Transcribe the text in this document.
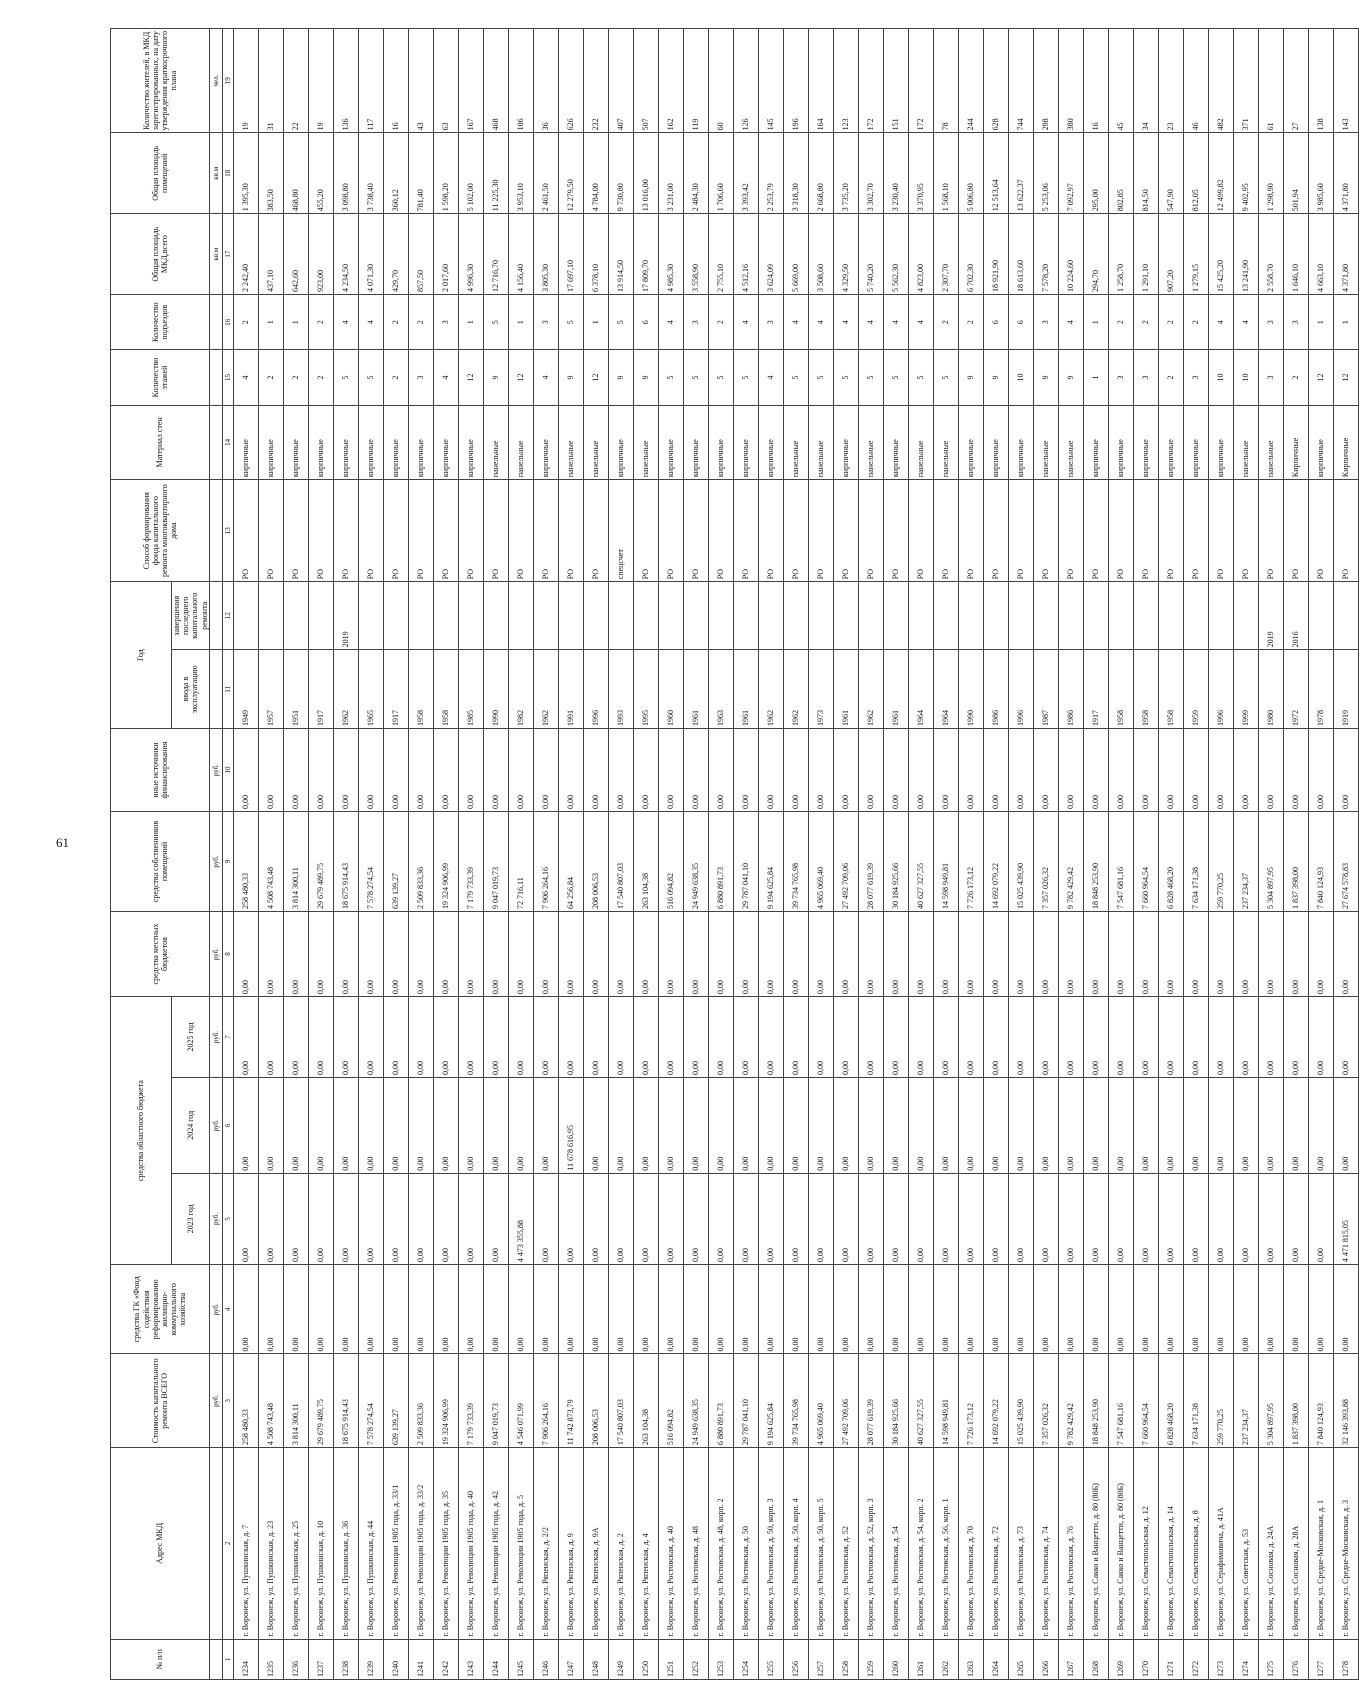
61
№ п/п	Адрес МКД	Стоимость капитального ремонта ВСЕГО	средства ГК «Фонд содействия реформированию жилищно-коммунального хозяйства	средства областного бюджета			средства местных бюджетов	средства собственников помещений	иные источники финансирования	Год		Способ формирования фонда капитального ремонта многоквартирного дома	Материал стен	Количество этажей	Количество подъездов	Общая площадь МКД,всего	Общая площадь помещений	Количество жителей, в МКД зарегистрированных, на дату утверждения краткосрочного плана
				2023 год	2024 год	2025 год				ввода в эксплуатацию	завершения последнего капитального ремонта							
		руб.	руб.	руб.	руб.	руб.	руб.	руб.	руб.							кв.м	кв.м	чел.
1	2	3	4	5	6	7	8	9	10	11	12	13	14	15	16	17	18	19
1234	г. Воронеж, ул. Пушкинская, д. 7	258 480,33	0,00	0,00	0,00	0,00	0,00	258 480,33	0,00	1949		РО	кирпичные	4	2	2 242,40	1 395,30	19
1235	г. Воронеж, ул. Пушкинская, д. 23	4 508 743,48	0,00	0,00	0,00	0,00	0,00	4 508 743,48	0,00	1957		РО	кирпичные	2	1	437,10	383,50	31
1236	г. Воронеж, ул. Пушкинская, д. 25	3 814 300,11	0,00	0,00	0,00	0,00	0,00	3 814 300,11	0,00	1951		РО	кирпичные	2	1	642,60	468,80	22
1237	г. Воронеж, ул. Пушкинская, д. 10	29 679 489,75	0,00	0,00	0,00	0,00	0,00	29 679 489,75	0,00	1917		РО	кирпичные	2	2	923,00	455,20	19
1238	г. Воронеж, ул. Пушкинская, д. 36	18 675 914,43	0,00	0,00	0,00	0,00	0,00	18 675 914,43	0,00	1962	2019	РО	кирпичные	5	4	4 234,50	3 098,80	136
1239	г. Воронеж, ул. Пушкинская, д. 44	7 578 274,54	0,00	0,00	0,00	0,00	0,00	7 578 274,54	0,00	1965		РО	кирпичные	5	4	4 071,30	3 738,40	117
1240	г. Воронеж, ул. Революции 1905 года, д. 33/1	639 139,27	0,00	0,00	0,00	0,00	0,00	639 139,27	0,00	1917		РО	кирпичные	2	2	429,70	360,12	16
1241	г. Воронеж, ул. Революции 1905 года, д. 33/2	2 509 833,36	0,00	0,00	0,00	0,00	0,00	2 509 833,36	0,00	1958		РО	кирпичные	3	2	857,50	781,40	43
1242	г. Воронеж, ул. Революции 1905 года, д. 35	19 324 906,99	0,00	0,00	0,00	0,00	0,00	19 324 906,99	0,00	1958		РО	кирпичные	4	3	2 017,60	1 598,20	63
1243	г. Воронеж, ул. Революции 1905 года, д. 40	7 179 733,39	0,00	0,00	0,00	0,00	0,00	7 179 733,39	0,00	1985		РО	кирпичные	12	1	4 996,30	5 102,00	167
1244	г. Воронеж, ул. Революции 1905 года, д. 42	9 047 019,73	0,00	0,00	0,00	0,00	0,00	9 047 019,73	0,00	1990		РО	панельные	9	5	12 716,70	11 225,30	468
1245	г. Воронеж, ул. Революции 1905 года, д. 5	4 546 071,99	0,00	4 473 355,88	0,00	0,00	0,00	72 716,11	0,00	1982		РО	панельные	12	1	4 156,40	3 953,10	106
1246	г. Воронеж, ул. Ряпенская, д. 2/2	7 906 264,16	0,00	0,00	0,00	0,00	0,00	7 906 264,16	0,00	1962		РО	кирпичные	4	3	3 805,30	2 461,50	36
1247	г. Воронеж, ул. Ряпенская, д. 9	11 742 873,79	0,00	0,00	11 678 616,95	0,00	0,00	64 256,84	0,00	1991		РО	панельные	9	5	17 697,10	12 279,50	626
1248	г. Воронеж, ул. Ряпенская, д. 9А	208 006,53	0,00	0,00	0,00	0,00	0,00	208 006,53	0,00	1996		РО	панельные	12	1	6 378,10	4 784,00	232
1249	г. Воронеж, ул. Ряпенская, д. 2	17 540 807,03	0,00	0,00	0,00	0,00	0,00	17 540 807,03	0,00	1993		спецсчет	кирпичные	9	5	13 914,50	9 730,80	407
1250	г. Воронеж, ул. Ряпенская, д. 4	263 104,38	0,00	0,00	0,00	0,00	0,00	263 104,38	0,00	1995		РО	панельные	9	6	17 809,70	13 016,00	507
1251	г. Воронеж, ул. Ростовская, д. 40	516 094,82	0,00	0,00	0,00	0,00	0,00	516 094,82	0,00	1960		РО	кирпичные	5	4	4 985,30	3 231,00	162
1252	г. Воронеж, ул. Ростовская, д. 48	24 949 638,35	0,00	0,00	0,00	0,00	0,00	24 949 638,35	0,00	1961		РО	кирпичные	5	3	3 558,90	2 484,30	119
1253	г. Воронеж, ул. Ростовская, д. 48, корп. 2	6 880 891,73	0,00	0,00	0,00	0,00	0,00	6 880 891,73	0,00	1963		РО	кирпичные	5	2	2 755,10	1 706,60	60
1254	г. Воронеж, ул. Ростовская, д. 50	29 787 041,10	0,00	0,00	0,00	0,00	0,00	29 787 041,10	0,00	1961		РО	кирпичные	5	4	4 512,16	3 393,42	126
1255	г. Воронеж, ул. Ростовская, д. 50, корп. 3	9 194 625,84	0,00	0,00	0,00	0,00	0,00	9 194 625,84	0,00	1962		РО	кирпичные	4	3	3 624,09	2 253,79	145
1256	г. Воронеж, ул. Ростовская, д. 50, корп. 4	39 734 765,98	0,00	0,00	0,00	0,00	0,00	39 734 765,98	0,00	1962		РО	панельные	5	4	5 669,00	3 318,30	196
1257	г. Воронеж, ул. Ростовская, д. 50, корп. 5	4 965 069,40	0,00	0,00	0,00	0,00	0,00	4 965 069,40	0,00	1973		РО	панельные	5	4	3 508,60	2 668,80	164
1258	г. Воронеж, ул. Ростовская, д. 52	27 492 709,06	0,00	0,00	0,00	0,00	0,00	27 492 709,06	0,00	1961		РО	кирпичные	5	4	4 329,50	3 735,20	123
1259	г. Воронеж, ул. Ростовская, д. 52, корп. 3	28 077 619,39	0,00	0,00	0,00	0,00	0,00	28 077 619,39	0,00	1962		РО	панельные	5	4	5 740,20	3 302,70	172
1260	г. Воронеж, ул. Ростовская, д. 54	30 184 925,66	0,00	0,00	0,00	0,00	0,00	30 184 925,66	0,00	1961		РО	кирпичные	5	4	5 562,30	3 230,40	151
1261	г. Воронеж, ул. Ростовская, д. 54, корп. 2	40 627 327,55	0,00	0,00	0,00	0,00	0,00	40 627 327,55	0,00	1964		РО	панельные	5	4	4 823,00	3 370,95	172
1262	г. Воронеж, ул. Ростовская, д. 56, корп. 1	14 598 949,81	0,00	0,00	0,00	0,00	0,00	14 598 949,81	0,00	1964		РО	панельные	5	2	2 307,70	1 568,10	78
1263	г. Воронеж, ул. Ростовская, д. 70	7 726 173,12	0,00	0,00	0,00	0,00	0,00	7 726 173,12	0,00	1990		РО	кирпичные	9	2	6 702,30	5 006,80	244
1264	г. Воронеж, ул. Ростовская, д. 72	14 692 079,22	0,00	0,00	0,00	0,00	0,00	14 692 079,22	0,00	1986		РО	кирпичные	9	6	18 921,90	12 513,64	628
1265	г. Воронеж, ул. Ростовская, д. 73	15 025 439,90	0,00	0,00	0,00	0,00	0,00	15 025 439,90	0,00	1996		РО	кирпичные	10	6	18 613,60	13 622,37	744
1266	г. Воронеж, ул. Ростовская, д. 74	7 357 026,32	0,00	0,00	0,00	0,00	0,00	7 357 026,32	0,00	1987		РО	панельные	9	3	7 578,20	5 253,06	298
1267	г. Воронеж, ул. Ростовская, д. 76	9 782 429,42	0,00	0,00	0,00	0,00	0,00	9 782 429,42	0,00	1986		РО	панельные	9	4	10 224,60	7 092,97	380
1268	г. Воронеж, ул. Сакко и Ванцетти, д. 80 (80Б)	18 848 253,90	0,00	0,00	0,00	0,00	0,00	18 848 253,90	0,00	1917		РО	кирпичные	1	1	294,70	295,00	16
1269	г. Воронеж, ул. Сакко и Ванцетти, д. 80 (80Б)	7 547 681,16	0,00	0,00	0,00	0,00	0,00	7 547 681,16	0,00	1958		РО	кирпичные	3	2	1 258,70	802,85	45
1270	г. Воронеж, ул. Севастопольская, д. 12	7 660 964,54	0,00	0,00	0,00	0,00	0,00	7 660 964,54	0,00	1958		РО	кирпичные	3	2	1 291,10	814,50	34
1271	г. Воронеж, ул. Севастопольская, д. 14	6 828 468,20	0,00	0,00	0,00	0,00	0,00	6 828 468,20	0,00	1958		РО	кирпичные	2	2	907,20	547,90	23
1272	г. Воронеж, ул. Севастопольская, д. 8	7 634 171,38	0,00	0,00	0,00	0,00	0,00	7 634 171,38	0,00	1959		РО	кирпичные	3	2	1 279,15	812,05	46
1273	г. Воронеж, ул. Серафимовича, д. 41А	259 770,25	0,00	0,00	0,00	0,00	0,00	259 770,25	0,00	1996		РО	кирпичные	10	4	15 425,20	12 499,82	482
1274	г. Воронеж, ул. Советская, д. 53	237 234,37	0,00	0,00	0,00	0,00	0,00	237 234,37	0,00	1999		РО	панельные	10	4	13 241,90	9 402,95	371
1275	г. Воронеж, ул. Сосновая, д. 24А	5 304 897,95	0,00	0,00	0,00	0,00	0,00	5 304 897,95	0,00	1980	2019	РО	панельные	3	3	2 558,70	1 298,90	61
1276	г. Воронеж, ул. Сосновая, д. 28А	1 837 398,00	0,00	0,00	0,00	0,00	0,00	1 837 398,00	0,00	1972	2016	РО	Кирпичные	2	3	1 646,10	501,94	27
1277	г. Воронеж, ул. Средне-Московская, д. 1	7 840 124,93	0,00	0,00	0,00	0,00	0,00	7 840 124,93	0,00	1978		РО	кирпичные	12	1	4 663,10	3 985,60	138
1278	г. Воронеж, ул. Средне-Московская, д. 3	32 146 393,88	0,00	4 471 815,05	0,00	0,00	0,00	27 674 578,83	0,00	1919		РО	Кирпичные	12	1	4 371,80	4 371,80	143
